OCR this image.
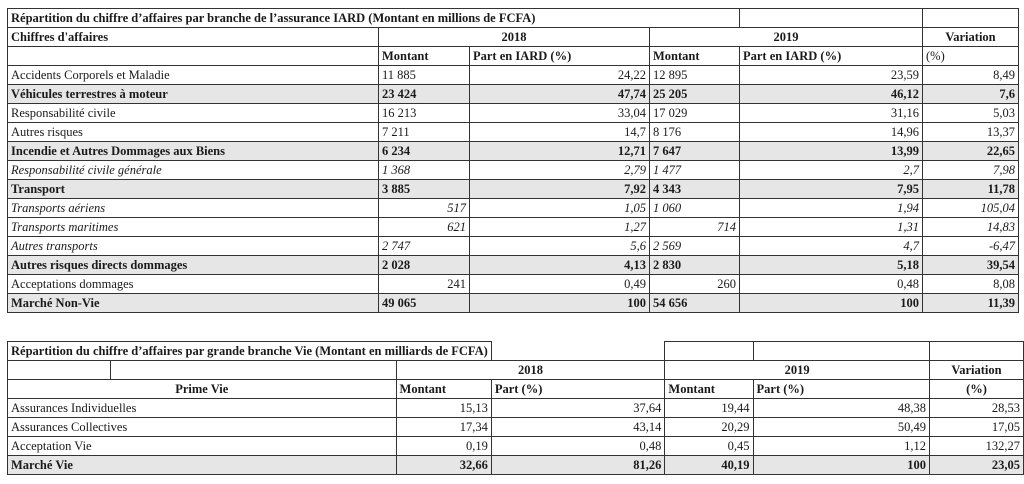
Répartition du chiffre d’affaires par branche de l’assurance IARD (Montant en millions de FCFA)					
Chiffres d'affaires	2018		2019		Variation
	Montant	Part en IARD (%)	Montant	Part en IARD (%)	(%)
Accidents Corporels et Maladie	11 885	24,22	12 895	23,59	8,49
Véhicules terrestres à moteur	23 424	47,74	25 205	46,12	7,6
Responsabilité civile	16 213	33,04	17 029	31,16	5,03
Autres risques	7 211	14,7	8 176	14,96	13,37
Incendie et Autres Dommages aux Biens	6 234	12,71	7 647	13,99	22,65
Responsabilité civile générale	1 368	2,79	1 477	2,7	7,98
Transport	3 885	7,92	4 343	7,95	11,78
Transports aériens	517	1,05	1 060	1,94	105,04
Transports maritimes	621	1,27	714	1,31	14,83
Autres transports	2 747	5,6	2 569	4,7	-6,47
Autres risques directs dommages	2 028	4,13	2 830	5,18	39,54
Acceptations dommages	241	0,49	260	0,48	8,08
Marché Non-Vie	49 065	100	54 656	100	11,39
Répartition du chiffre d’affaires par grande branche Vie (Montant en milliards de FCFA)						
		2018		2019		Variation
Prime Vie		Montant	Part (%)	Montant	Part (%)	(%)
Assurances Individuelles		15,13	37,64	19,44	48,38	28,53
Assurances Collectives		17,34	43,14	20,29	50,49	17,05
Acceptation Vie		0,19	0,48	0,45	1,12	132,27
Marché Vie		32,66	81,26	40,19	100	23,05
